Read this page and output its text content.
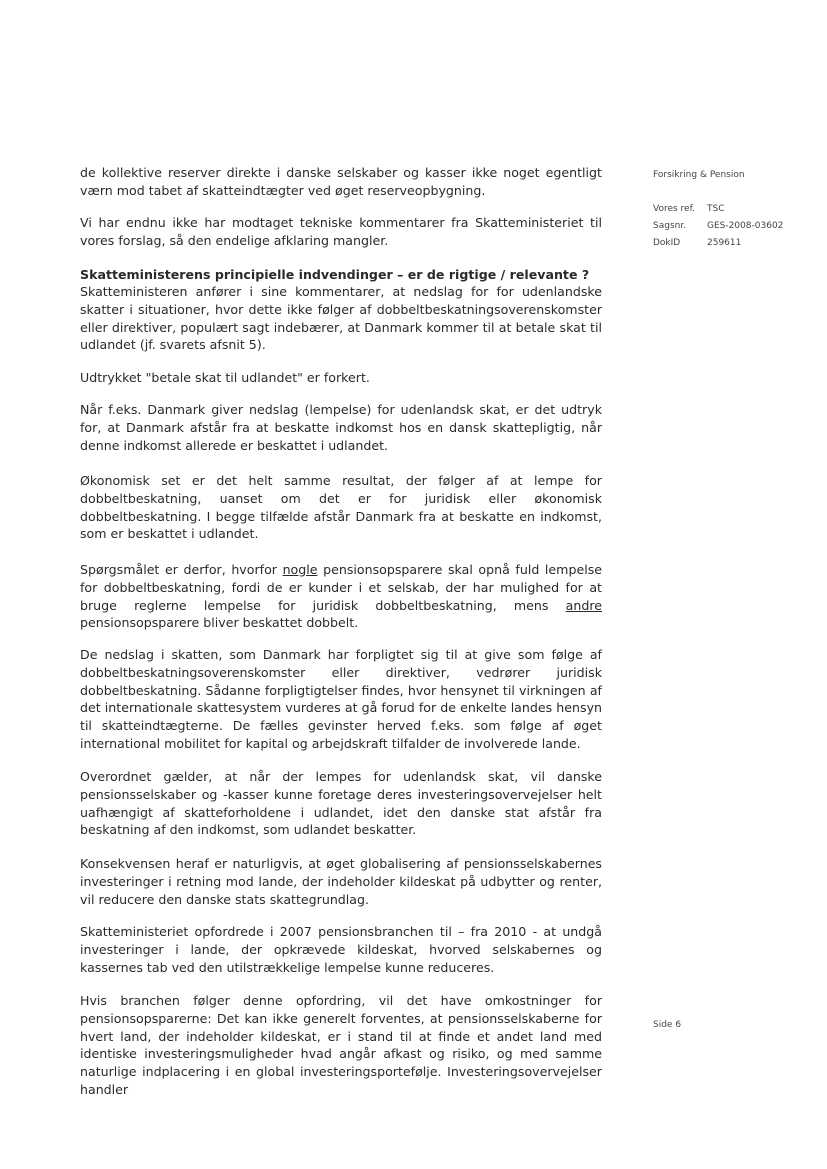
de kollektive reserver direkte i danske selskaber og kasser ikke noget egentligt værn mod tabet af skatteindtægter ved øget reserveopbygning.

Vi har endnu ikke har modtaget tekniske kommentarer fra Skatteministeriet til vores forslag, så den endelige afklaring mangler.

Skatteministerens principielle indvendinger – er de rigtige / relevante ?

Skatteministeren anfører i sine kommentarer, at nedslag for for udenlandske skatter i situationer, hvor dette ikke følger af dobbeltbeskatningsoverenskomster eller direktiver, populært sagt indebærer, at Danmark kommer til at betale skat til udlandet (jf. svarets afsnit 5).

Udtrykket "betale skat til udlandet" er forkert.

Når f.eks. Danmark giver nedslag (lempelse) for udenlandsk skat, er det udtryk for, at Danmark afstår fra at beskatte indkomst hos en dansk skattepligtig, når denne indkomst allerede er beskattet i udlandet.

Økonomisk set er det helt samme resultat, der følger af at lempe for dobbeltbeskatning, uanset om det er for juridisk eller økonomisk dobbeltbeskatning. I begge tilfælde afstår Danmark fra at beskatte en indkomst, som er beskattet i udlandet.

Spørgsmålet er derfor, hvorfor nogle pensionsopsparere skal opnå fuld lempelse for dobbeltbeskatning, fordi de er kunder i et selskab, der har mulighed for at bruge reglerne lempelse for juridisk dobbeltbeskatning, mens andre pensionsopsparere bliver beskattet dobbelt.

De nedslag i skatten, som Danmark har forpligtet sig til at give som følge af dobbeltbeskatningsoverenskomster eller direktiver, vedrører juridisk dobbeltbeskatning. Sådanne forpligtigtelser findes, hvor hensynet til virkningen af det internationale skattesystem vurderes at gå forud for de enkelte landes hensyn til skatteindtægterne. De fælles gevinster herved f.eks. som følge af øget international mobilitet for kapital og arbejdskraft tilfalder de involverede lande.

Overordnet gælder, at når der lempes for udenlandsk skat, vil danske pensionsselskaber og -kasser kunne foretage deres investeringsovervejelser helt uafhængigt af skatteforholdene i udlandet, idet den danske stat afstår fra beskatning af den indkomst, som udlandet beskatter.

Konsekvensen heraf er naturligvis, at øget globalisering af pensionsselskabernes investeringer i retning mod lande, der indeholder kildeskat på udbytter og renter, vil reducere den danske stats skattegrundlag.

Skatteministeriet opfordrede i 2007 pensionsbranchen til – fra 2010 - at undgå investeringer i lande, der opkrævede kildeskat, hvorved selskabernes og kassernes tab ved den utilstrækkelige lempelse kunne reduceres.

Hvis branchen følger denne opfordring, vil det have omkostninger for pensionsopsparerne: Det kan ikke generelt forventes, at pensionsselskaberne for hvert land, der indeholder kildeskat, er i stand til at finde et andet land med identiske investeringsmuligheder hvad angår afkast og risiko, og med samme naturlige indplacering i en global investeringsportefølje. Investeringsovervejelser handler

Forsikring & Pension
Vores ref. TSC
Sagsnr. GES-2008-03602
DokID	259611
Side 6
